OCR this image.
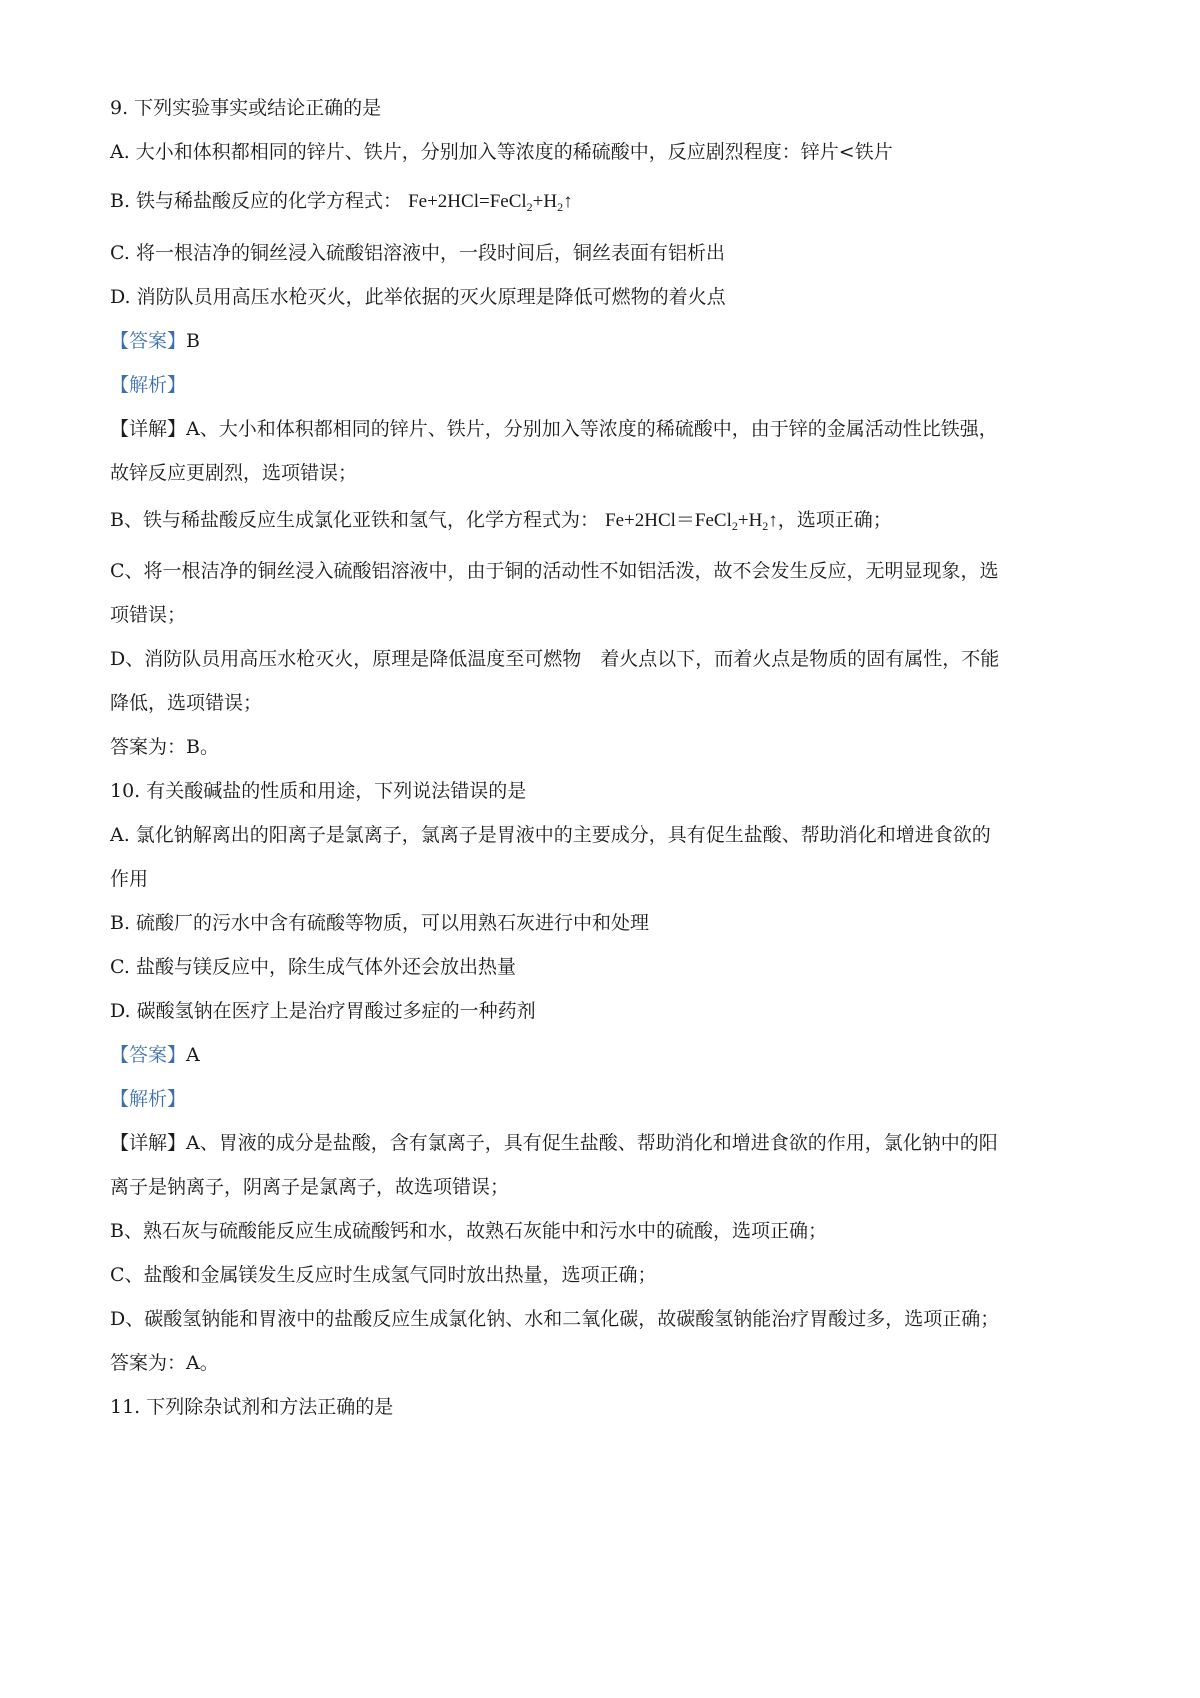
9. 下列实验事实或结论正确的是
A. 大小和体积都相同的锌片、铁片，分别加入等浓度的稀硫酸中，反应剧烈程度：锌片<铁片
B. 铁与稀盐酸反应的化学方程式： $Fe+2HCl=FeCl_2+H_2↑$
C. 将一根洁净的铜丝浸入硫酸铝溶液中，一段时间后，铜丝表面有铝析出
D. 消防队员用高压水枪灭火，此举依据的灭火原理是降低可燃物的着火点
【答案】B
【解析】
【详解】A、大小和体积都相同的锌片、铁片，分别加入等浓度的稀硫酸中，由于锌的金属活动性比铁强，
故锌反应更剧烈，选项错误；
B、铁与稀盐酸反应生成氯化亚铁和氢气，化学方程式为： $Fe+2HCl=FeCl_2+H_2↑$，选项正确；
C、将一根洁净的铜丝浸入硫酸铝溶液中，由于铜的活动性不如铝活泼，故不会发生反应，无明显现象，选
项错误；
D、消防队员用高压水枪灭火，原理是降低温度至可燃物　着火点以下，而着火点是物质的固有属性，不能
降低，选项错误；
答案为：B。
10. 有关酸碱盐的性质和用途，下列说法错误的是
A. 氯化钠解离出的阳离子是氯离子，氯离子是胃液中的主要成分，具有促生盐酸、帮助消化和增进食欲的
作用
B. 硫酸厂的污水中含有硫酸等物质，可以用熟石灰进行中和处理
C. 盐酸与镁反应中，除生成气体外还会放出热量
D. 碳酸氢钠在医疗上是治疗胃酸过多症的一种药剂
【答案】A
【解析】
【详解】A、胃液的成分是盐酸，含有氯离子，具有促生盐酸、帮助消化和增进食欲的作用，氯化钠中的阳
离子是钠离子，阴离子是氯离子，故选项错误；
B、熟石灰与硫酸能反应生成硫酸钙和水，故熟石灰能中和污水中的硫酸，选项正确；
C、盐酸和金属镁发生反应时生成氢气同时放出热量，选项正确；
D、碳酸氢钠能和胃液中的盐酸反应生成氯化钠、水和二氧化碳，故碳酸氢钠能治疗胃酸过多，选项正确；
答案为：A。
11. 下列除杂试剂和方法正确的是
